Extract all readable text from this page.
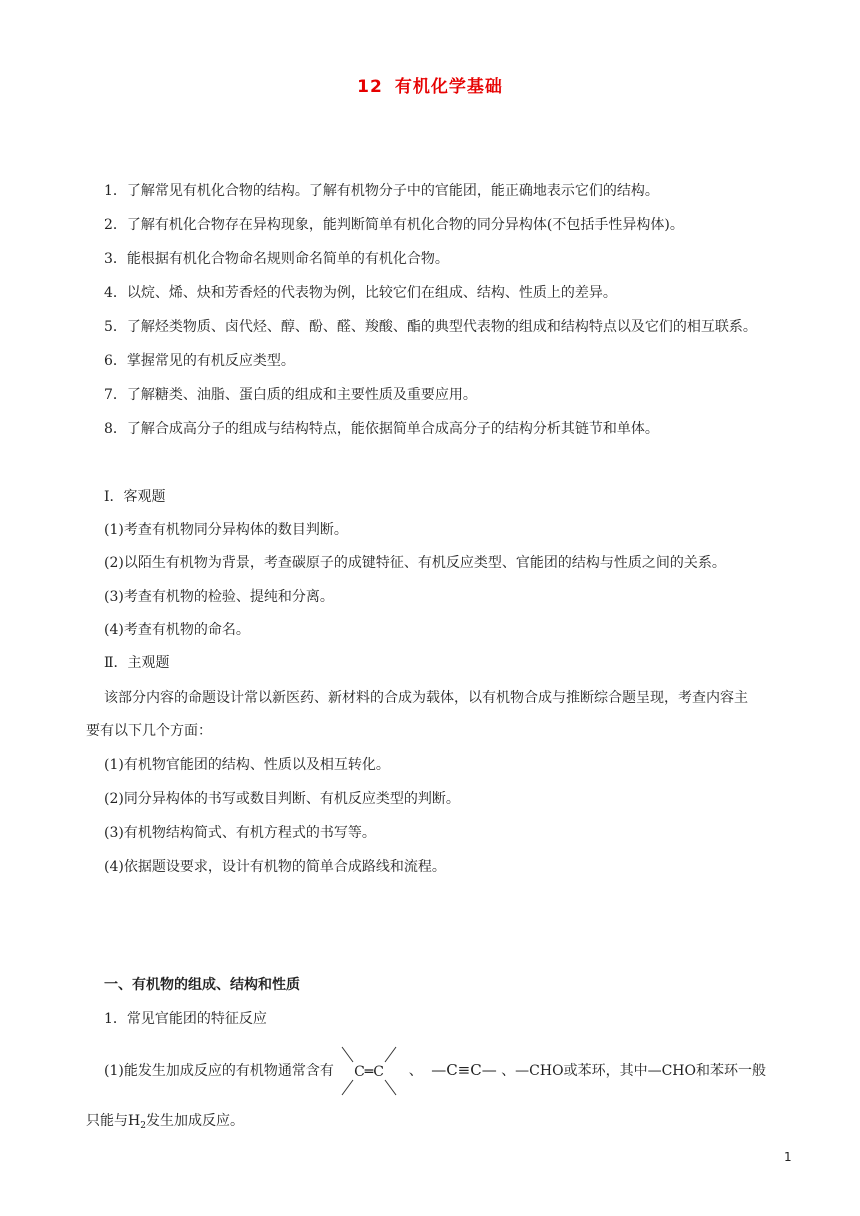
12 有机化学基础
1．了解常见有机化合物的结构。了解有机物分子中的官能团，能正确地表示它们的结构。
2．了解有机化合物存在异构现象，能判断简单有机化合物的同分异构体(不包括手性异构体)。
3．能根据有机化合物命名规则命名简单的有机化合物。
4．以烷、烯、炔和芳香烃的代表物为例，比较它们在组成、结构、性质上的差异。
5．了解烃类物质、卤代烃、醇、酚、醛、羧酸、酯的典型代表物的组成和结构特点以及它们的相互联系。
6．掌握常见的有机反应类型。
7．了解糖类、油脂、蛋白质的组成和主要性质及重要应用。
8．了解合成高分子的组成与结构特点，能依据简单合成高分子的结构分析其链节和单体。
Ⅰ．客观题
(1)考查有机物同分异构体的数目判断。
(2)以陌生有机物为背景，考查碳原子的成键特征、有机反应类型、官能团的结构与性质之间的关系。
(3)考查有机物的检验、提纯和分离。
(4)考查有机物的命名。
Ⅱ．主观题
该部分内容的命题设计常以新医药、新材料的合成为载体，以有机物合成与推断综合题呈现，考查内容主
要有以下几个方面：
(1)有机物官能团的结构、性质以及相互转化。
(2)同分异构体的书写或数目判断、有机反应类型的判断。
(3)有机物结构简式、有机方程式的书写等。
(4)依据题设要求，设计有机物的简单合成路线和流程。
一、有机物的组成、结构和性质
1．常见官能团的特征反应
(1)能发生加成反应的有机物通常含有 C═C 、 —C≡C— 、—CHO或苯环，其中—CHO和苯环一般
只能与$H_2$发生加成反应。
1
